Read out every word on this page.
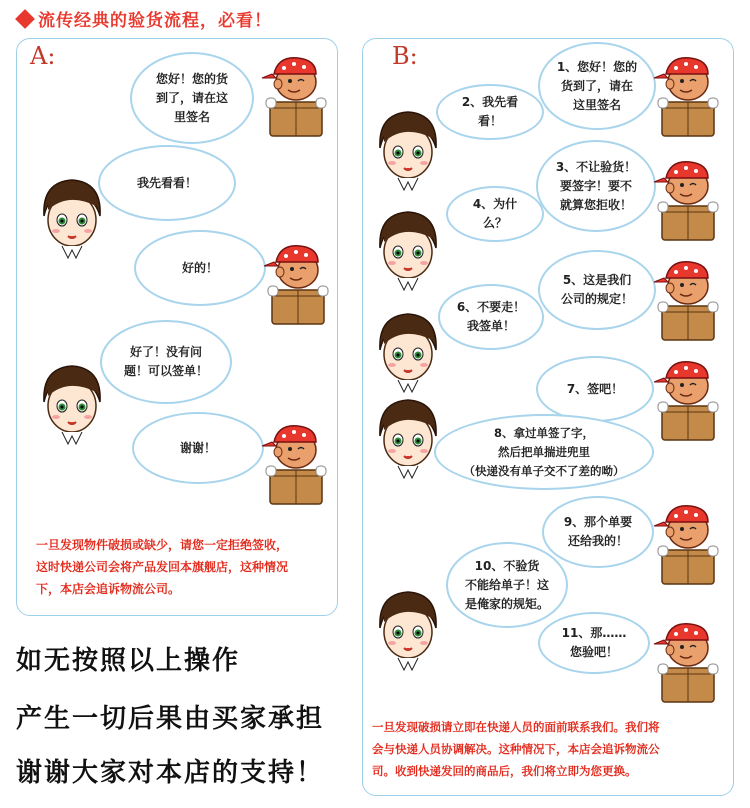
流传经典的验货流程，必看！
A:
您好！您的货
到了，请在这
里签名
我先看看！
好的！
好了！没有问
题！可以签单！
谢谢！
一旦发现物件破损或缺少，请您一定拒绝签收，
这时快递公司会将产品发回本旗舰店，这种情况
下，本店会追诉物流公司。
B:	1、您好！您的
货到了，请在
这里签名
2、我先看看！
3、不让验货！
要签字！要不
就算您拒收！
4、为什么？
5、这是我们
公司的规定！
6、不要走！
我签单！
7、签吧！
8、拿过单签了字，
然后把单揣进兜里
（快递没有单子交不了差的呦）
9、那个单要
还给我的！
10、不验货
不能给单子！这
是俺家的规矩。
11、那……
您验吧！
一旦发现破损请立即在快递人员的面前联系我们。我们将
会与快递人员协调解决。这种情况下，本店会追诉物流公
司。收到快递发回的商品后，我们将立即为您更换。
如无按照以上操作
产生一切后果由买家承担
谢谢大家对本店的支持！
